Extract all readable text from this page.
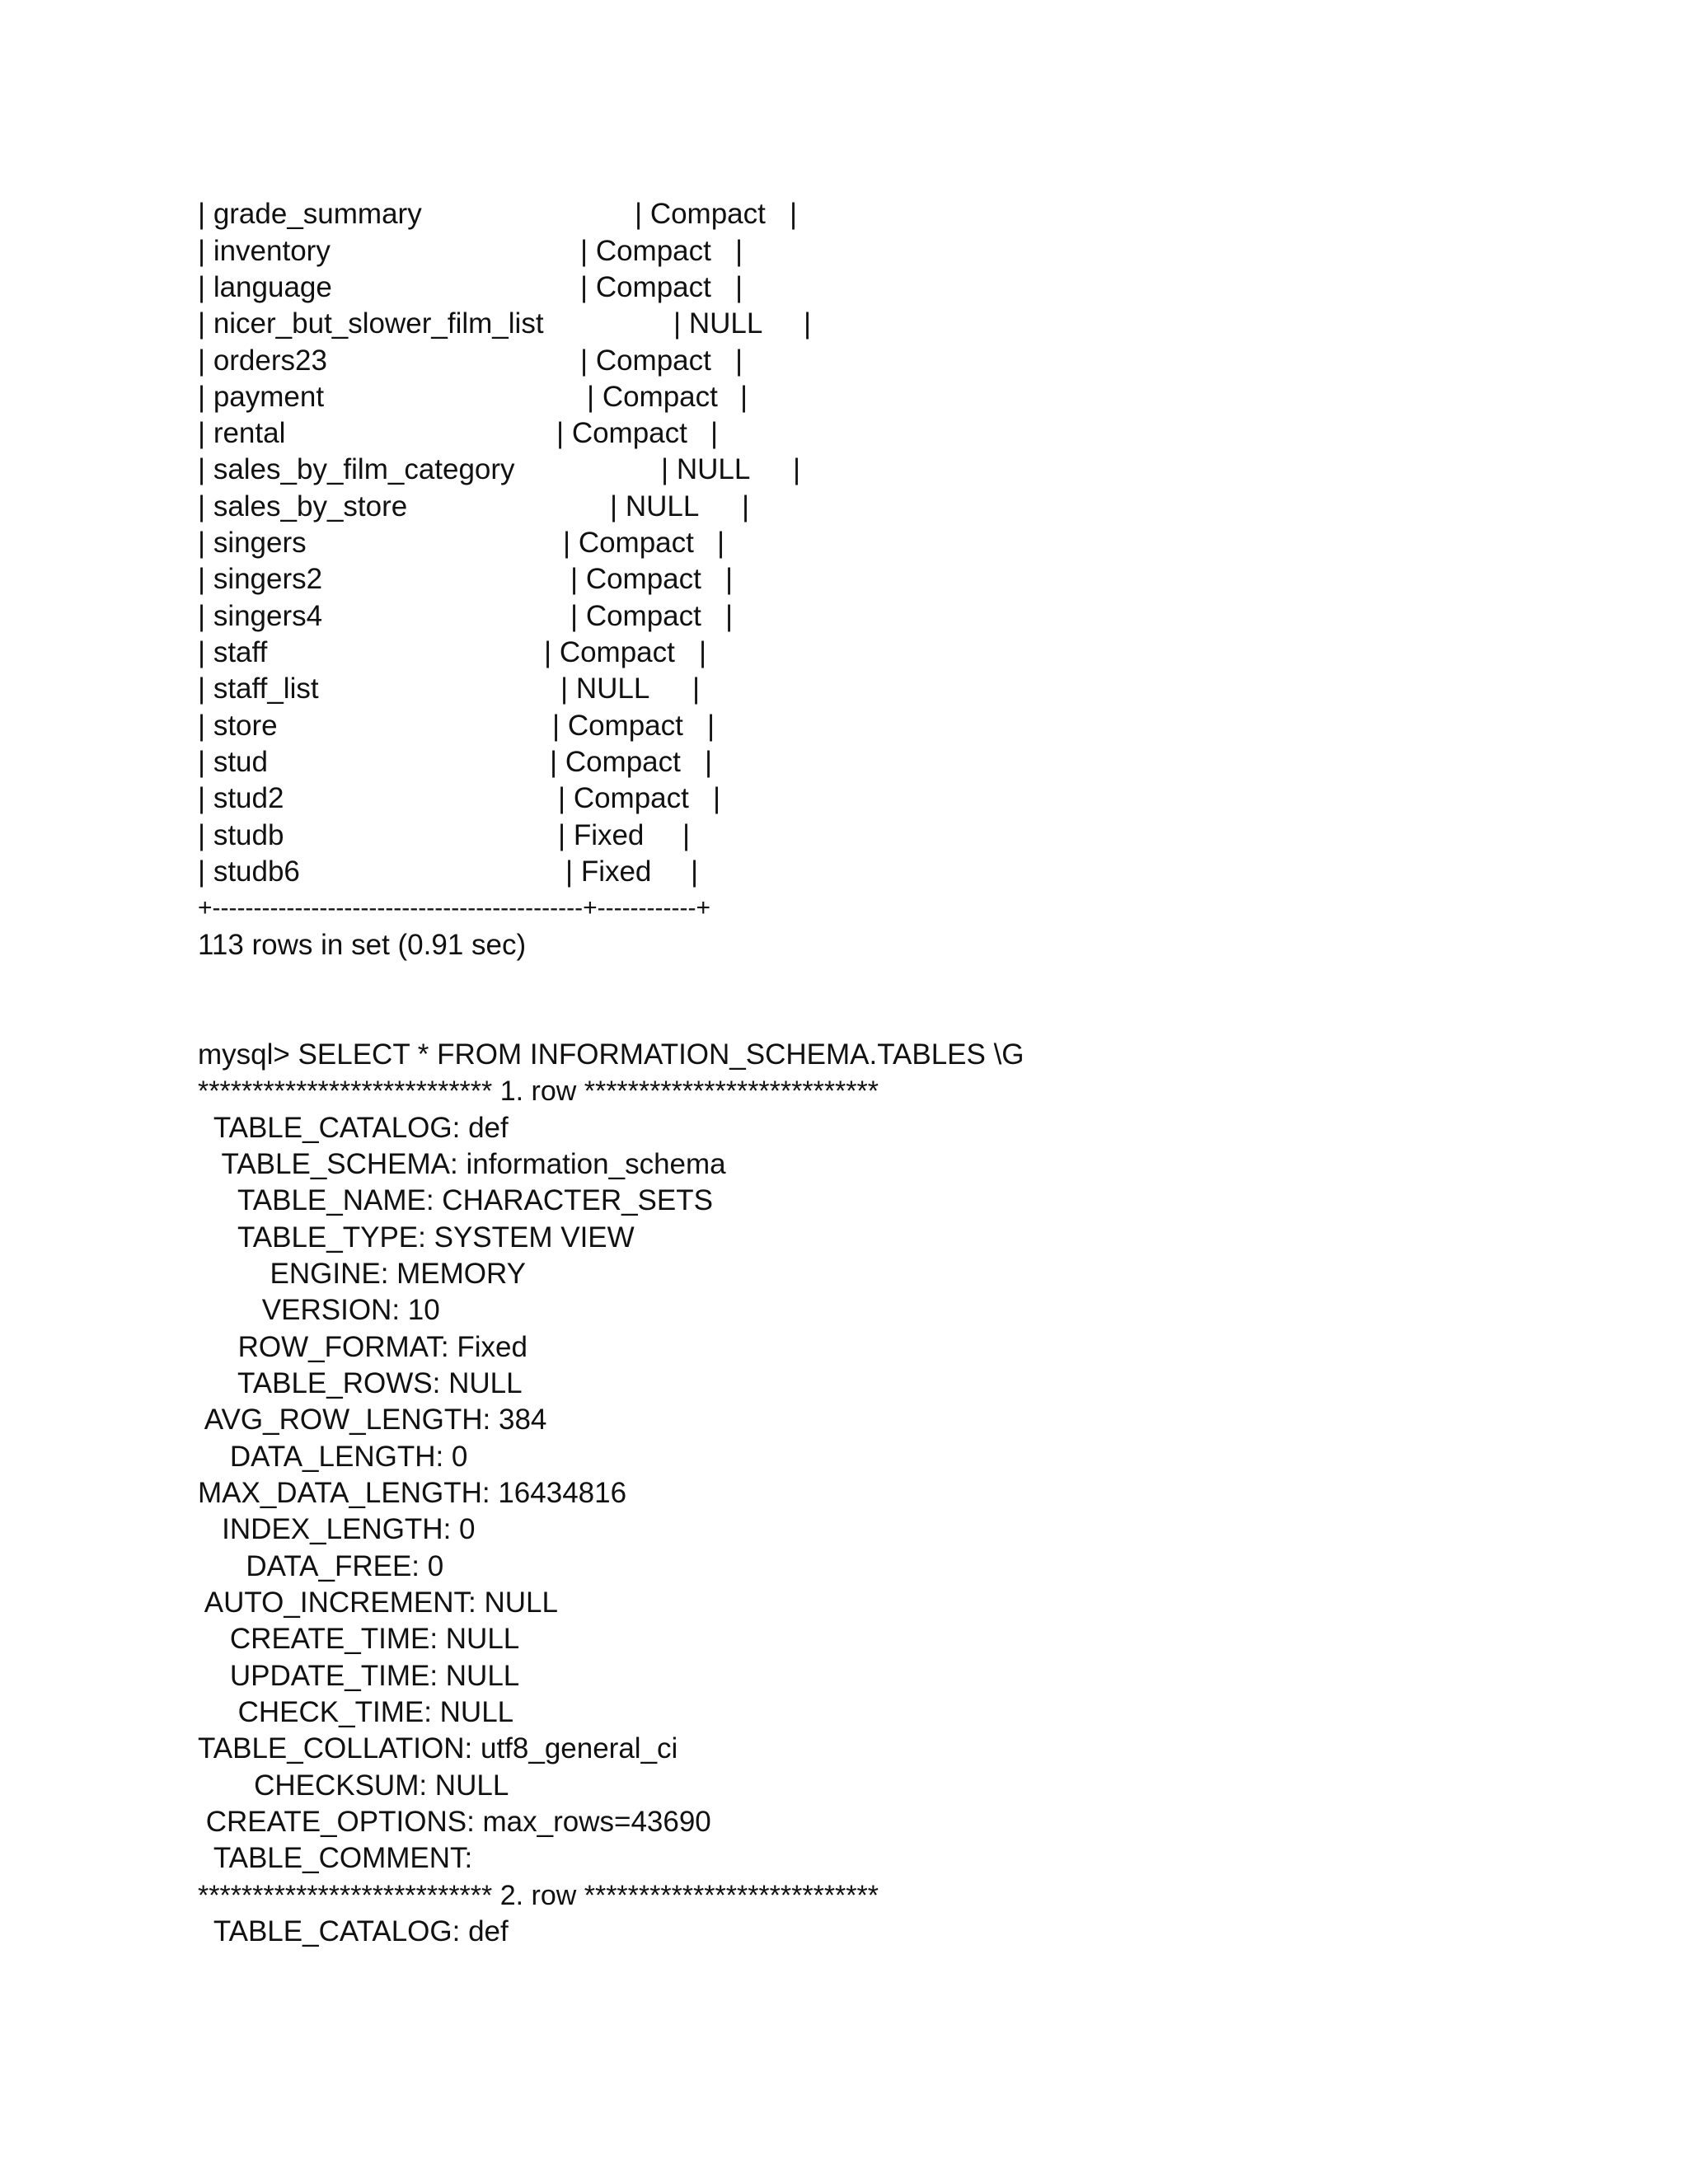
| grade_summary	| Compact |
| inventory	| Compact |
| language	| Compact |
| nicer_but_slower_film_list	| NULL |
| orders23	| Compact |
| payment	| Compact |
| rental	| Compact |
| sales_by_film_category	| NULL |
| sales_by_store	| NULL |
| singers	| Compact |
| singers2	| Compact |
| singers4	| Compact |
| staff	| Compact |
| staff_list	| NULL |
| store	| Compact |
| stud	| Compact |
| stud2	| Compact |
| studb	| Fixed |
| studb6	| Fixed |
+---------------------------------------------+------------+
113 rows in set (0.91 sec)
mysql> SELECT * FROM INFORMATION_SCHEMA.TABLES \G
*************************** 1. row ***************************
TABLE_CATALOG: def
TABLE_SCHEMA: information_schema
TABLE_NAME: CHARACTER_SETS
TABLE_TYPE: SYSTEM VIEW
ENGINE: MEMORY
VERSION: 10
ROW_FORMAT: Fixed
TABLE_ROWS: NULL
AVG_ROW_LENGTH: 384
DATA_LENGTH: 0
MAX_DATA_LENGTH: 16434816
INDEX_LENGTH: 0
DATA_FREE: 0
AUTO_INCREMENT: NULL
CREATE_TIME: NULL
UPDATE_TIME: NULL
CHECK_TIME: NULL
TABLE_COLLATION: utf8_general_ci
CHECKSUM: NULL
CREATE_OPTIONS: max_rows=43690
TABLE_COMMENT:
*************************** 2. row ***************************
TABLE_CATALOG: def
